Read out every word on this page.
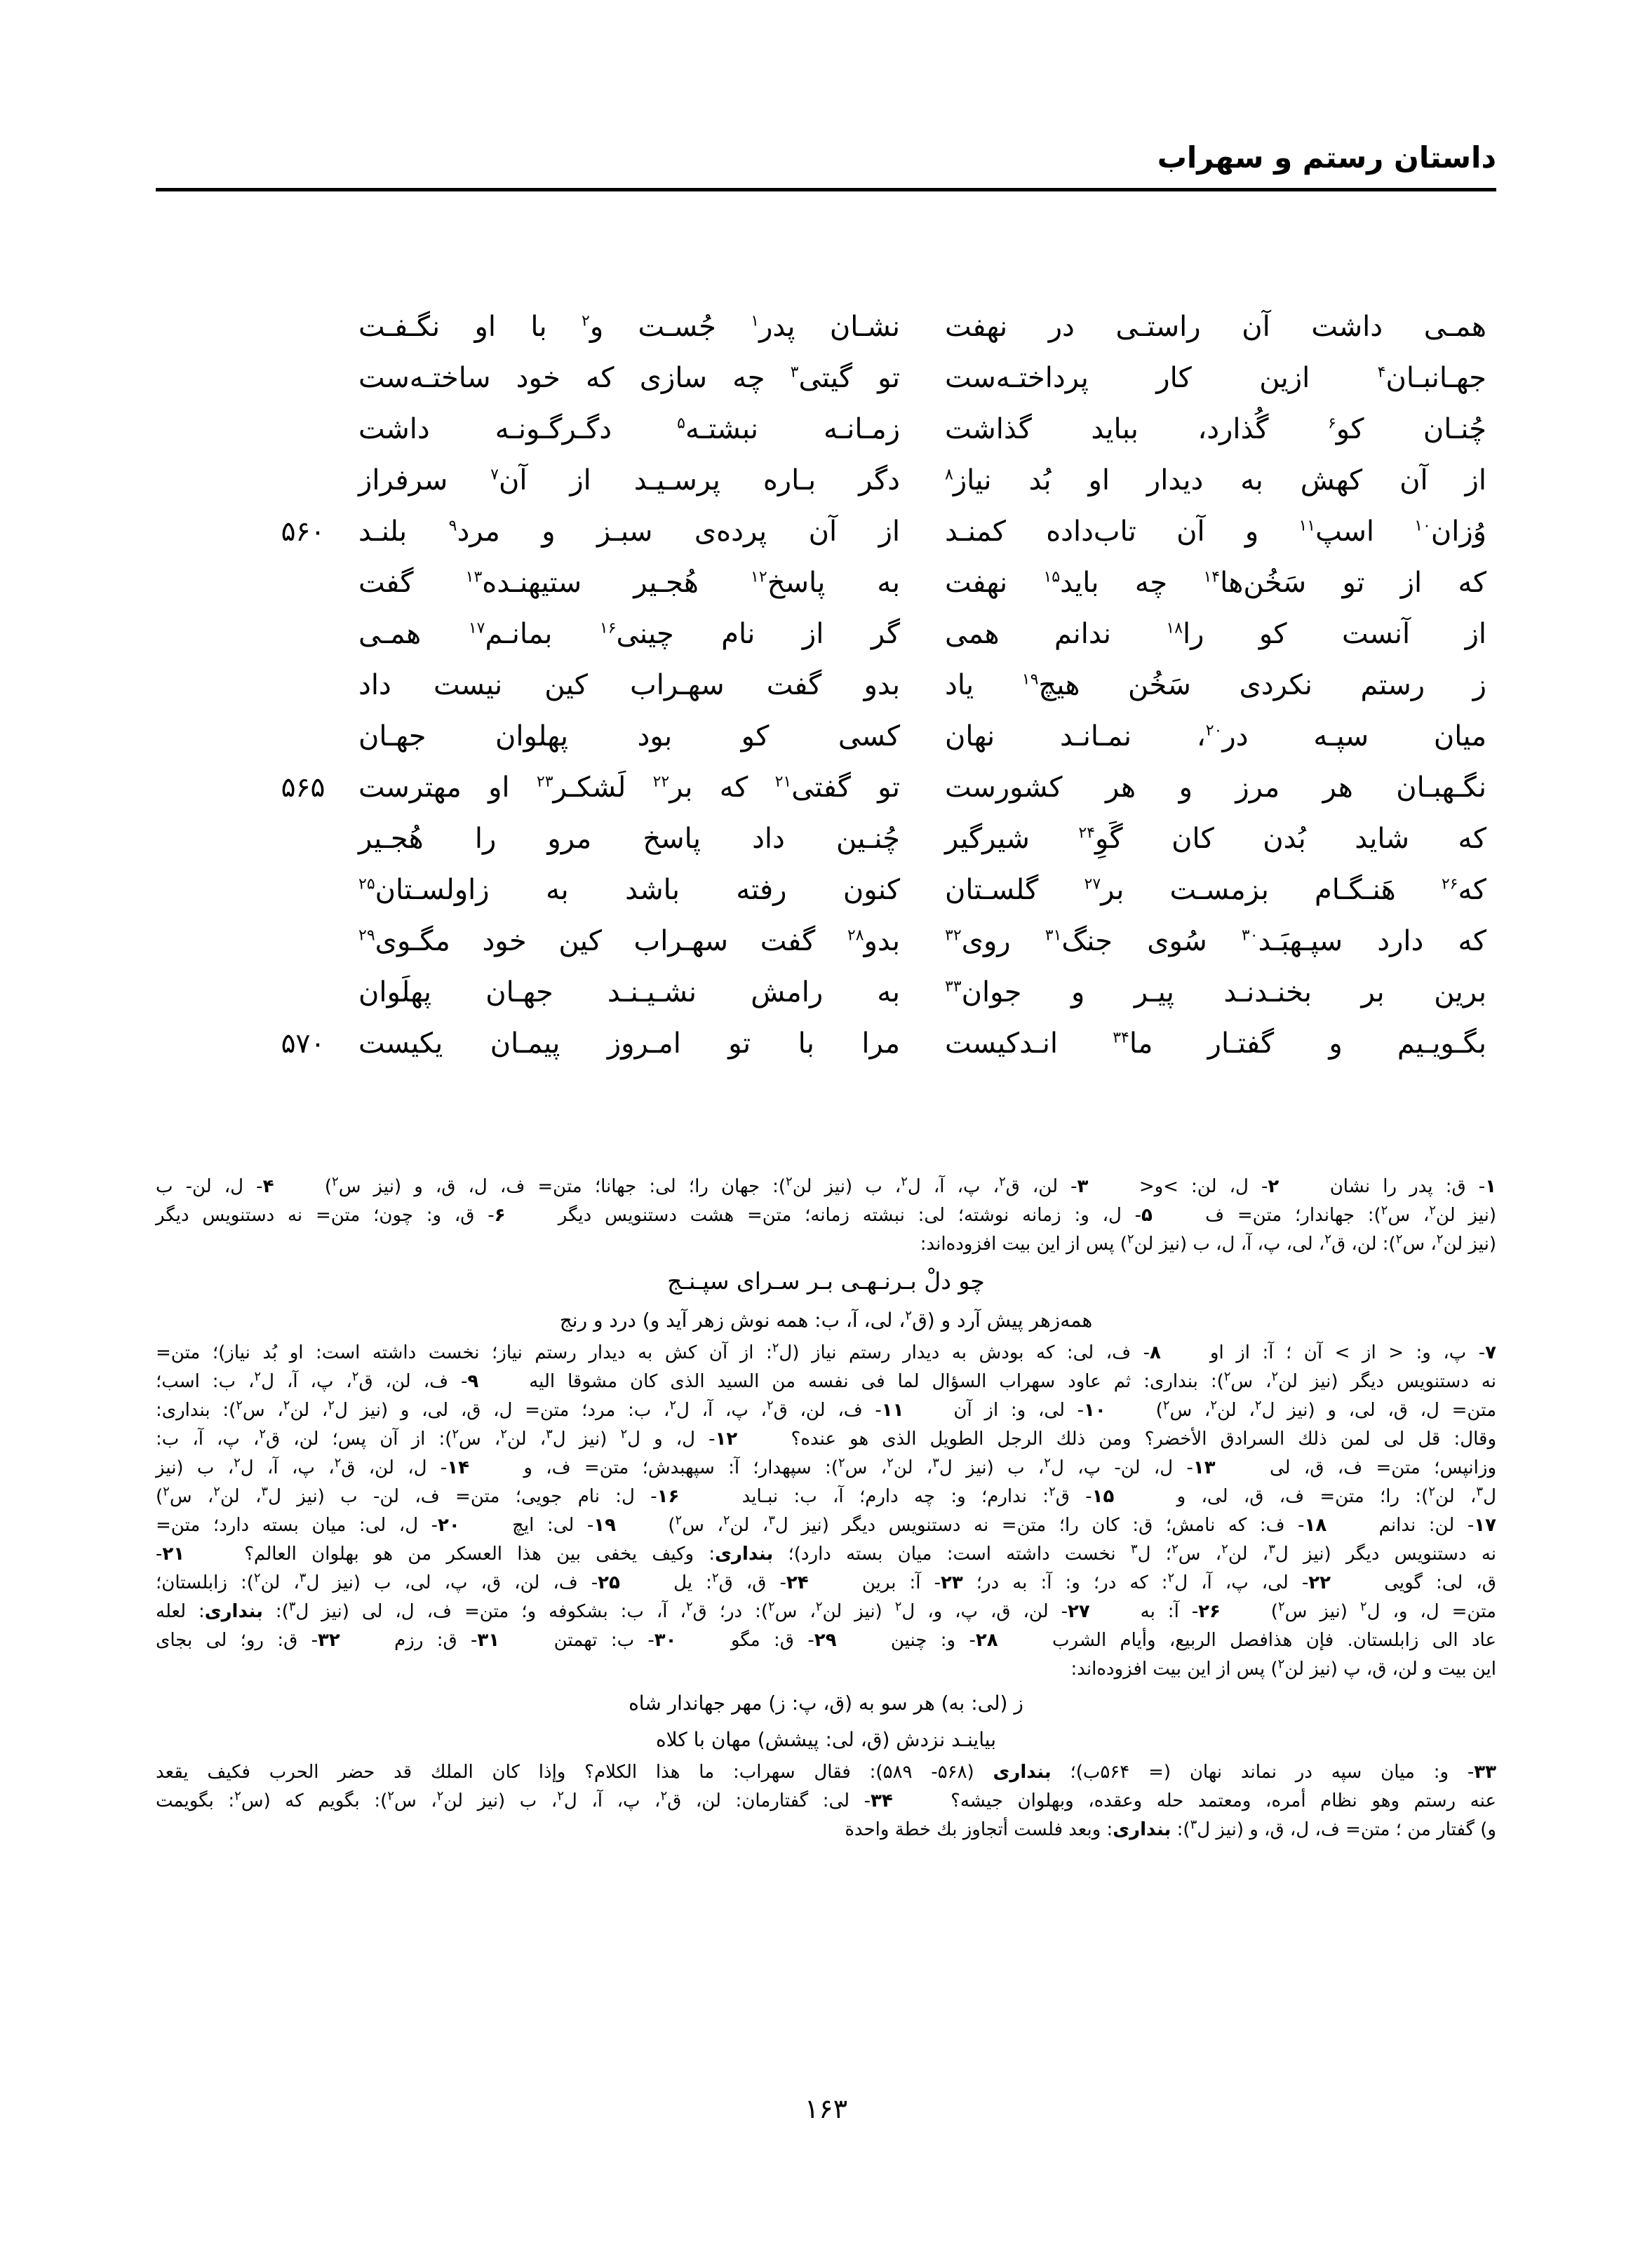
داستان رستم و سهراب
همـی داشت آن راستـی در نهفت
نشـان پدر$^۱$ جُسـت و$^۲$ با او نگـفـت
جهـانبـان$^۴$ ازین کار پرداختـه‌ست
تو گیتی$^۳$ چه سازی که خود ساختـه‌ست
چُنـان کو$^۶$ گُذارد، بباید گذاشت
زمـانـه نبشتـه$^۵$ دگـرگـونـه داشت
از آن کهش به دیدار او بُد نیاز$^۸$
دگر بـاره پرسـیـد از آن$^۷$ سرفراز
وُزان$^{۱۰}$ اسپ$^{۱۱}$ و آن تاب‌داده کمنـد
از آن پرده‌ی سبـز و مرد$^۹$ بلنـد
۵۶۰
که از تو سَخُن‌ها$^{۱۴}$ چه باید$^{۱۵}$ نهفت
به پاسخ$^{۱۲}$ هُجـیر ستیهنـده$^{۱۳}$ گفت
از آنست کو را$^{۱۸}$ ندانم همی
گر از نام چینی$^{۱۶}$ بمانـم$^{۱۷}$ همـی
ز رستم نکردی سَخُن هیچ$^{۱۹}$ یاد
بدو گفت سهـراب کین نیست داد
میان سپـه در$^{۲۰}$، نمـانـد نهان
کسی کو بود پهلوان جهـان
نگـهبـان هر مرز و هر کشورست
تو گفتی$^{۲۱}$ که بر$^{۲۲}$ لَشکـر$^{۲۳}$ او مهترست
۵۶۵
که شاید بُدن کان گَوِ$^{۲۴}$ شیرگیر
چُنـین داد پاسخ مرو را هُجـیر
که$^{۲۶}$ هَنـگـام بزمسـت بر$^{۲۷}$ گلسـتان
کنون رفته باشد به زاولسـتان$^{۲۵}$
که دارد سپـهبَـد$^{۳۰}$ سُوی جنگ$^{۳۱}$ روی$^{۳۲}$
بدو$^{۲۸}$ گفت سهـراب کین خود مگـوی$^{۲۹}$
برین بر بخنـدنـد پیـر و جوان$^{۳۳}$
به رامش نشـیـنـد جهـان پهلَوان
بگـویـیم و گفتـار ما$^{۳۴}$ انـدکیست
مرا با تو امـروز پیمـان یکیست
۵۷۰
۱- ق: پدر را نشان    ۲- ل، لن: >و<    ۳- لن، ق$^۲$، پ، آ، ل$^۲$، ب (نیز لن$^۲$): جهان را؛ لی: جهانا؛ متن= ف، ل، ق، و (نیز س$^۲$)    ۴- ل، لن- ب
(نیز لن$^۲$، س$^۲$): جهاندار؛ متن= ف    ۵- ل، و: زمانه نوشته؛ لی: نبشته زمانه؛ متن= هشت دستنویس دیگر    ۶- ق، و: چون؛ متن= نه دستنویس دیگر
(نیز لن$^۲$، س$^۲$): لن، ق$^۲$، لی، پ، آ، ل، ب (نیز لن$^۲$) پس از این بیت افزوده‌اند:
چو دلْ بـرنـهـی بـر سـرای سپـنـج
همه‌زهر پیش آرد و (ق$^۲$، لی، آ، ب: همه نوش زهر آید و) درد و رنج
۷- پ، و: < از > آن ؛ آ: از او    ۸- ف، لی: که بودش به دیدار رستم نیاز (ل$^۲$: از آن کش به دیدار رستم نیاز؛ نخست داشته است: او بُد نیاز)؛ متن=
نه دستنویس دیگر (نیز لن$^۲$، س$^۲$): بنداری: ثم عاود سهراب السؤال لما فی نفسه من السید الذی کان مشوقا الیه    ۹- ف، لن، ق$^۲$، پ، آ، ل$^۲$، ب: اسب؛
متن= ل، ق، لی، و (نیز ل$^۲$، لن$^۲$، س$^۲$)    ۱۰- لی، و: از آن    ۱۱- ف، لن، ق$^۲$، پ، آ، ل$^۲$، ب: مرد؛ متن= ل، ق، لی، و (نیز ل$^۲$، لن$^۲$، س$^۲$): بنداری:
وقال: قل لی لمن ذلك السرادق الأخضر؟ ومن ذلك الرجل الطویل الذی هو عنده؟    ۱۲- ل، و ل$^۲$ (نیز ل$^۳$، لن$^۲$، س$^۲$): از آن پس؛ لن، ق$^۲$، پ، آ، ب:
وزانپس؛ متن= ف، ق، لی    ۱۳- ل، لن- پ، ل$^۲$، ب (نیز ل$^۳$، لن$^۲$، س$^۲$): سپهدار؛ آ: سپهبدش؛ متن= ف، و    ۱۴- ل، لن، ق$^۲$، پ، آ، ل$^۲$، ب (نیز
ل$^۳$، لن$^۲$): را؛ متن= ف، ق، لی، و    ۱۵- ق$^۲$: ندارم؛ و: چه دارم؛ آ، ب: نبـاید    ۱۶- ل: نام جویی؛ متن= ف، لن- ب (نیز ل$^۳$، لن$^۲$، س$^۲$)
۱۷- لن: ندانم    ۱۸- ف: که نامش؛ ق: کان را؛ متن= نه دستنویس دیگر (نیز ل$^۳$، لن$^۲$، س$^۲$)    ۱۹- لی: ایچ    ۲۰- ل، لی: میان بسته دارد؛ متن=
نه دستنویس دیگر (نیز ل$^۳$، لن$^۲$، س$^۲$؛ ل$^۳$ نخست داشته است: میان بسته دارد)؛ بنداری: وکیف یخفی بین هذا العسکر من هو بهلوان العالم؟    ۲۱-
ق، لی: گویی    ۲۲- لی، پ، آ، ل$^۲$: که در؛ و: آ: به در؛ ۲۳- آ: برین    ۲۴- ق، ق$^۲$: یل    ۲۵- ف، لن، ق، پ، لی، ب (نیز ل$^۳$، لن$^۲$): زابلستان؛
متن= ل، و، ل$^۲$ (نیز س$^۲$)    ۲۶- آ: به    ۲۷- لن، ق، پ، و، ل$^۲$ (نیز لن$^۲$، س$^۲$): در؛ ق$^۲$، آ، ب: بشکوفه و؛ متن= ف، ل، لی (نیز ل$^۳$): بنداری: لعله
عاد الی زابلستان. فإن هذافصل الربیع، وأیام الشرب    ۲۸- و: چنین    ۲۹- ق: مگو    ۳۰- ب: تهمتن    ۳۱- ق: رزم    ۳۲- ق: رو؛ لی بجای
این بیت و لن، ق، پ (نیز لن$^۲$) پس از این بیت افزوده‌اند:
ز (لی: به) هر سو به (ق، پ: ز) مهر جهاندار شاه
بیاینـد نزدش (ق، لی: پیشش) مهان با کلاه
۳۳- و: میان سپه در نماند نهان (= ۵۶۴ب)؛ بنداری (۵۶۸- ۵۸۹): فقال سهراب: ما هذا الکلام؟ وإذا کان الملك قد حضر الحرب فکیف یقعد
عنه رستم وهو نظام أمره، ومعتمد حله وعقده، وبهلوان جیشه؟    ۳۴- لی: گفتارمان: لن، ق$^۲$، پ، آ، ل$^۲$، ب (نیز لن$^۲$، س$^۲$): بگویم که (س$^۲$: بگویمت
و) گفتار من ؛ متن= ف، ل، ق، و (نیز ل$^۳$): بنداری: وبعد فلست أتجاوز بك خطة واحدة
۱۶۳
